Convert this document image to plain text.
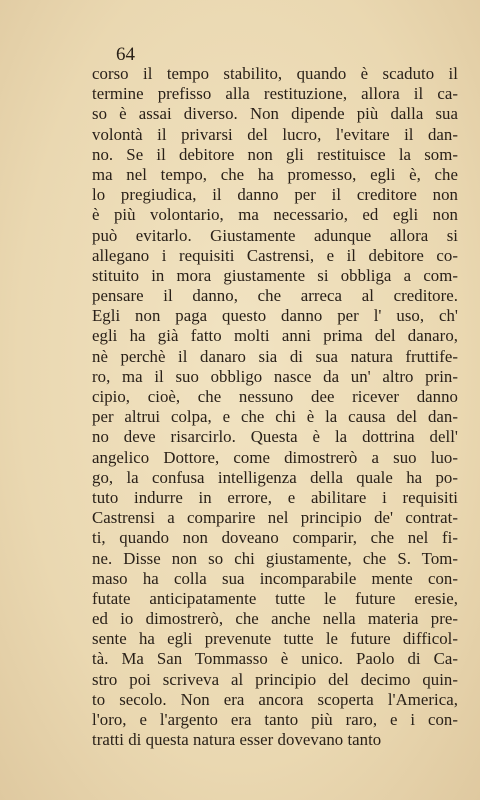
64
corso il tempo stabilito, quando è scaduto il
termine prefisso alla restituzione, allora il ca-
so è assai diverso. Non dipende più dalla sua
volontà il privarsi del lucro, l'evitare il dan-
no. Se il debitore non gli restituisce la som-
ma nel tempo, che ha promesso, egli è, che
lo pregiudica, il danno per il creditore non
è più volontario, ma necessario, ed egli non
può evitarlo. Giustamente adunque allora si
allegano i requisiti Castrensi, e il debitore co-
stituito in mora giustamente si obbliga a com-
pensare il danno, che arreca al creditore.
Egli non paga questo danno per l' uso, ch'
egli ha già fatto molti anni prima del danaro,
nè perchè il danaro sia di sua natura fruttife-
ro, ma il suo obbligo nasce da un' altro prin-
cipio, cioè, che nessuno dee ricever danno
per altrui colpa, e che chi è la causa del dan-
no deve risarcirlo. Questa è la dottrina dell'
angelico Dottore, come dimostrerò a suo luo-
go, la confusa intelligenza della quale ha po-
tuto indurre in errore, e abilitare i requisiti
Castrensi a comparire nel principio de' contrat-
ti, quando non doveano comparir, che nel fi-
ne. Disse non so chi giustamente, che S. Tom-
maso ha colla sua incomparabile mente con-
futate anticipatamente tutte le future eresie,
ed io dimostrerò, che anche nella materia pre-
sente ha egli prevenute tutte le future difficol-
tà. Ma San Tommasso è unico. Paolo di Ca-
stro poi scriveva al principio del decimo quin-
to secolo. Non era ancora scoperta l'America,
l'oro, e l'argento era tanto più raro, e i con-
tratti di questa natura esser dovevano tanto
